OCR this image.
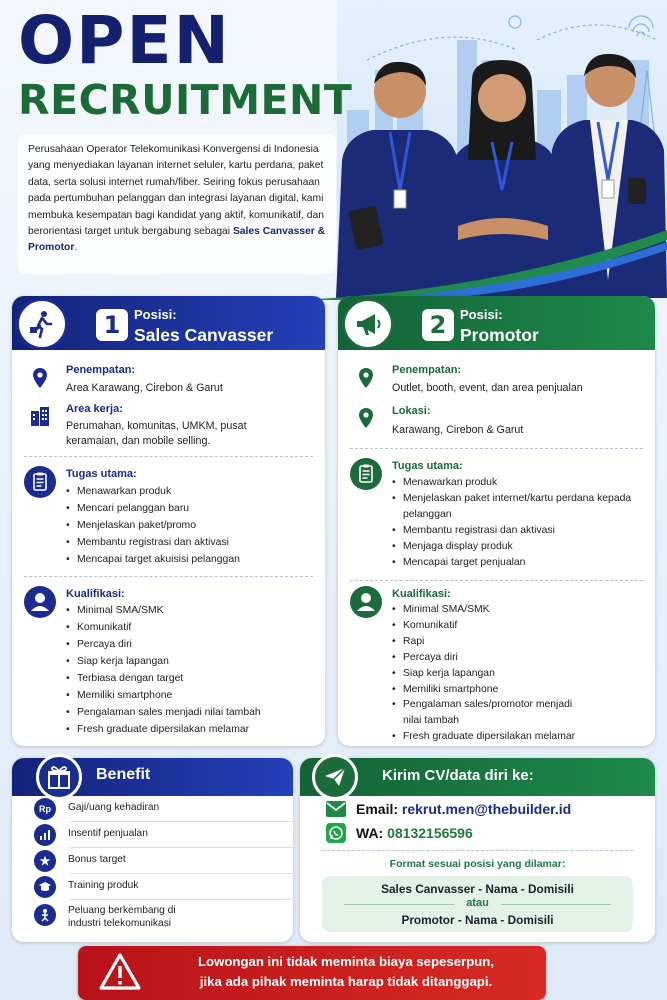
OPEN
RECRUITMENT
Perusahaan Operator Telekomunikasi Konvergensi di Indonesia yang menyediakan layanan internet seluler, kartu perdana, paket data, serta solusi internet rumah/fiber. Seiring fokus perusahaan pada pertumbuhan pelanggan dan integrasi layanan digital, kami membuka kesempatan bagi kandidat yang aktif, komunikatif, dan berorientasi target untuk bergabung sebagai Sales Canvasser & Promotor.
1	Posisi:
Sales Canvasser
Penempatan:
Area Karawang, Cirebon & Garut
Area kerja:
Perumahan, komunitas, UMKM, pusat keramaian, dan mobile selling.
Tugas utama:
• Menawarkan produk
• Mencari pelanggan baru
• Menjelaskan paket/promo
• Membantu registrasi dan aktivasi
• Mencapai target akuisisi pelanggan
Kualifikasi:
• Minimal SMA/SMK
• Komunikatif
• Percaya diri
• Siap kerja lapangan
• Terbiasa dengan target
• Memiliki smartphone
• Pengalaman sales menjadi nilai tambah
• Fresh graduate dipersilakan melamar
2	Posisi:
Promotor
Penempatan:
Outlet, booth, event, dan area penjualan
Lokasi:
Karawang, Cirebon & Garut
Tugas utama:
• Menawarkan produk
• Menjelaskan paket internet/kartu perdana kepada pelanggan
• Membantu registrasi dan aktivasi
• Menjaga display produk
• Mencapai target penjualan
Kualifikasi:
• Minimal SMA/SMK
• Komunikatif
• Rapi
• Percaya diri
• Siap kerja lapangan
• Memiliki smartphone
• Pengalaman sales/promotor menjadi nilai tambah
• Fresh graduate dipersilakan melamar
Benefit
Rp	Gaji/uang kehadiran
Insentif penjualan
★	Bonus target
Training produk
Peluang berkembang di industri telekomunikasi
Kirim CV/data diri ke:
Email: rekrut.men@thebuilder.id
WA: 08132156596
Format sesuai posisi yang dilamar:
Sales Canvasser - Nama - Domisili
atau
Promotor - Nama - Domisili
Lowongan ini tidak meminta biaya sepeserpun,
jika ada pihak meminta harap tidak ditanggapi.
